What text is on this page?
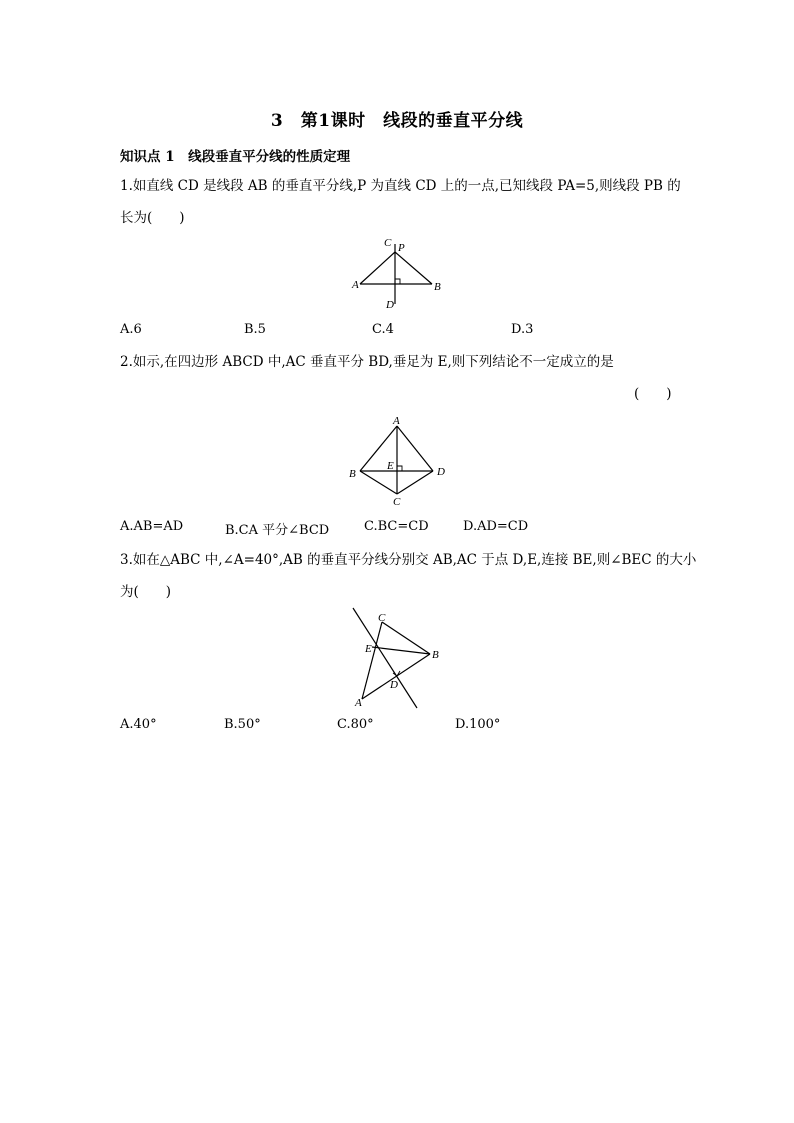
3　第1课时　线段的垂直平分线
知识点 1　线段垂直平分线的性质定理
1.如直线 CD 是线段 AB 的垂直平分线,P 为直线 CD 上的一点,已知线段 PA=5,则线段 PB 的
长为(　　)
C P
A	B
D
A.6	B.5	C.4	D.3
2.如示,在四边形 ABCD 中,AC 垂直平分 BD,垂足为 E,则下列结论不一定成立的是
(　　)
A
B
C
D
E
A.AB=AD	B.CA 平分∠BCD	C.BC=CD	D.AD=CD
3.如在△ABC 中,∠A=40°,AB 的垂直平分线分别交 AB,AC 于点 D,E,连接 BE,则∠BEC 的大小
为(　　)
C
E	B
D
A
A.40°	B.50°	C.80°	D.100°
